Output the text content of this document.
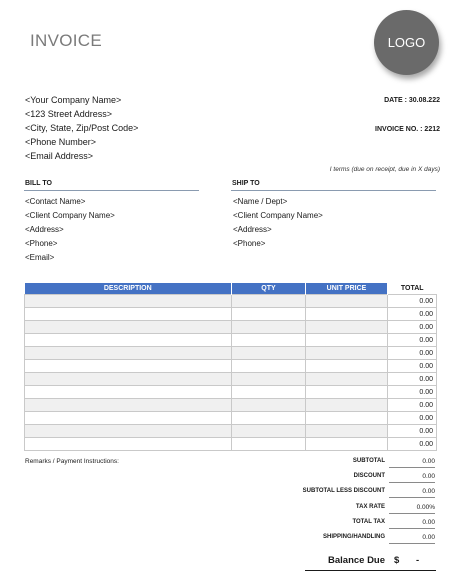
INVOICE	LOGO
<Your Company Name>
<123 Street Address>
<City, State, Zip/Post Code>
<Phone Number>
<Email Address>
DATE : 30.08.222
INVOICE NO. : 2212
I terms (due on receipt, due in X days)
BILL TO	SHIP TO
<Contact Name>
<Client Company Name>
<Address>
<Phone>
<Email>
<Name / Dept>
<Client Company Name>
<Address>
<Phone>
DESCRIPTION	QTY	UNIT PRICE	TOTAL
			0.00
			0.00
			0.00
			0.00
			0.00
			0.00
			0.00
			0.00
			0.00
			0.00
			0.00
			0.00
Remarks / Payment Instructions:	SUBTOTAL	0.00
DISCOUNT	0.00
SUBTOTAL LESS DISCOUNT	0.00
TAX RATE	0.00%
TOTAL TAX	0.00
SHIPPING/HANDLING	0.00
Balance Due $ -
